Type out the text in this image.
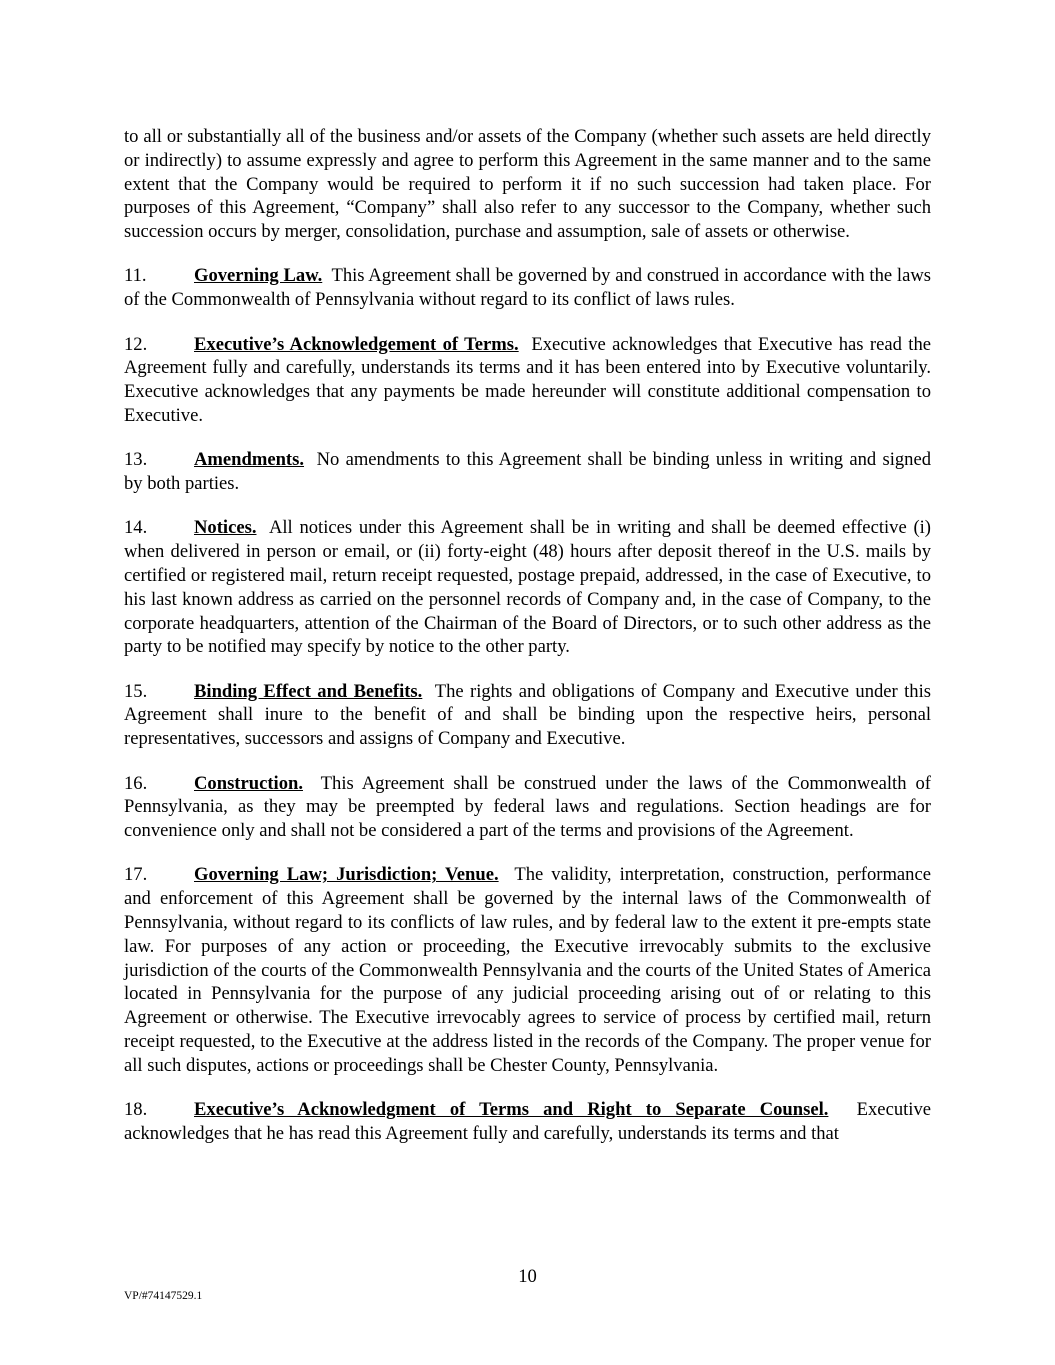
to all or substantially all of the business and/or assets of the Company (whether such assets are held directly or indirectly) to assume expressly and agree to perform this Agreement in the same manner and to the same extent that the Company would be required to perform it if no such succession had taken place. For purposes of this Agreement, “Company” shall also refer to any successor to the Company, whether such succession occurs by merger, consolidation, purchase and assumption, sale of assets or otherwise.

11.	Governing Law. This Agreement shall be governed by and construed in accordance with the laws of the Commonwealth of Pennsylvania without regard to its conflict of laws rules.

12.	Executive’s Acknowledgement of Terms. Executive acknowledges that Executive has read the Agreement fully and carefully, understands its terms and it has been entered into by Executive voluntarily. Executive acknowledges that any payments be made hereunder will constitute additional compensation to Executive.

13.	Amendments. No amendments to this Agreement shall be binding unless in writing and signed by both parties.

14.	Notices. All notices under this Agreement shall be in writing and shall be deemed effective (i) when delivered in person or email, or (ii) forty-eight (48) hours after deposit thereof in the U.S. mails by certified or registered mail, return receipt requested, postage prepaid, addressed, in the case of Executive, to his last known address as carried on the personnel records of Company and, in the case of Company, to the corporate headquarters, attention of the Chairman of the Board of Directors, or to such other address as the party to be notified may specify by notice to the other party.

15.	Binding Effect and Benefits. The rights and obligations of Company and Executive under this Agreement shall inure to the benefit of and shall be binding upon the respective heirs, personal representatives, successors and assigns of Company and Executive.

16.	Construction. This Agreement shall be construed under the laws of the Commonwealth of Pennsylvania, as they may be preempted by federal laws and regulations. Section headings are for convenience only and shall not be considered a part of the terms and provisions of the Agreement.

17.	Governing Law; Jurisdiction; Venue. The validity, interpretation, construction, performance and enforcement of this Agreement shall be governed by the internal laws of the Commonwealth of Pennsylvania, without regard to its conflicts of law rules, and by federal law to the extent it pre-empts state law. For purposes of any action or proceeding, the Executive irrevocably submits to the exclusive jurisdiction of the courts of the Commonwealth Pennsylvania and the courts of the United States of America located in Pennsylvania for the purpose of any judicial proceeding arising out of or relating to this Agreement or otherwise. The Executive irrevocably agrees to service of process by certified mail, return receipt requested, to the Executive at the address listed in the records of the Company. The proper venue for all such disputes, actions or proceedings shall be Chester County, Pennsylvania.

18.	Executive’s Acknowledgment of Terms and Right to Separate Counsel. Executive acknowledges that he has read this Agreement fully and carefully, understands its terms and that

10
VP/#74147529.1
